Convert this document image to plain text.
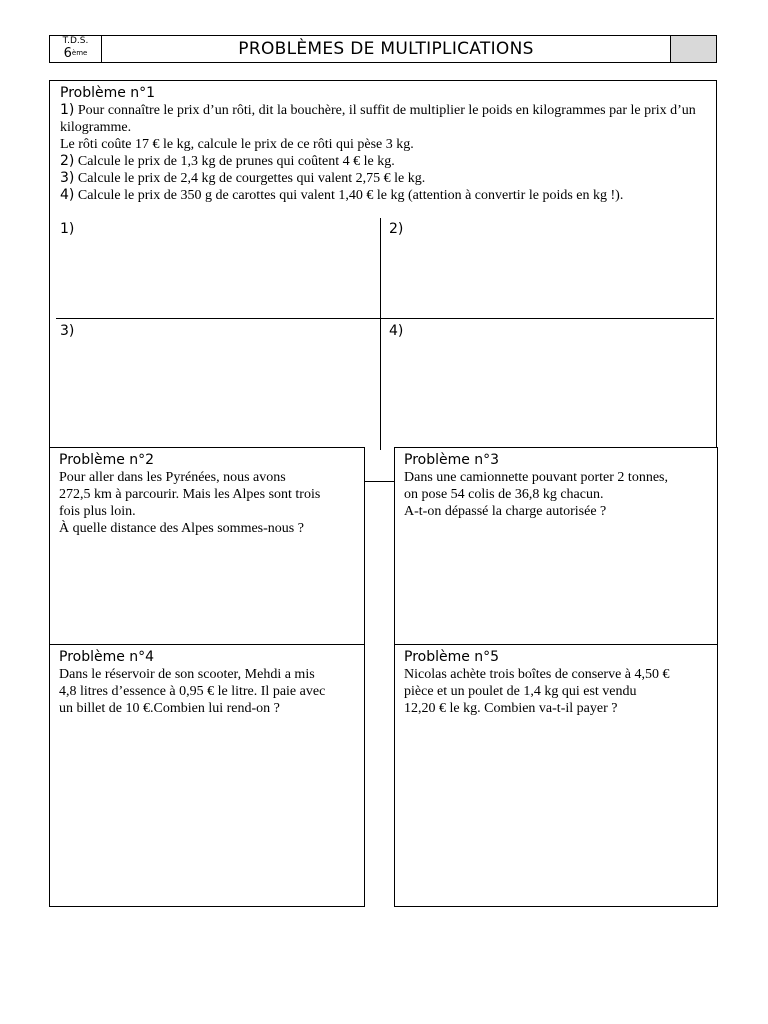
T.D.S.
6ème	PROBLÈMES DE MULTIPLICATIONS
Problème n°1
1) Pour connaître le prix d’un rôti, dit la bouchère, il suffit de multiplier le poids en kilogrammes par le prix d’un kilogramme.
Le rôti coûte 17 € le kg, calcule le prix de ce rôti qui pèse 3 kg.
2) Calcule le prix de 1,3 kg de prunes qui coûtent 4 € le kg.
3) Calcule le prix de 2,4 kg de courgettes qui valent 2,75 € le kg.
4) Calcule le prix de 350 g de carottes qui valent 1,40 € le kg (attention à convertir le poids en kg !).
1)	2)
3)	4)
Problème n°2
Pour aller dans les Pyrénées, nous avons
272,5 km à parcourir. Mais les Alpes sont trois
fois plus loin.
À quelle distance des Alpes sommes-nous ?
Problème n°3
Dans une camionnette pouvant porter 2 tonnes,
on pose 54 colis de 36,8 kg chacun.
A-t-on dépassé la charge autorisée ?
Problème n°4
Dans le réservoir de son scooter, Mehdi a mis
4,8 litres d’essence à 0,95 € le litre. Il paie avec
un billet de 10 €.Combien lui rend-on ?
Problème n°5
Nicolas achète trois boîtes de conserve à 4,50 €
pièce et un poulet de 1,4 kg qui est vendu
12,20 € le kg. Combien va-t-il payer ?
